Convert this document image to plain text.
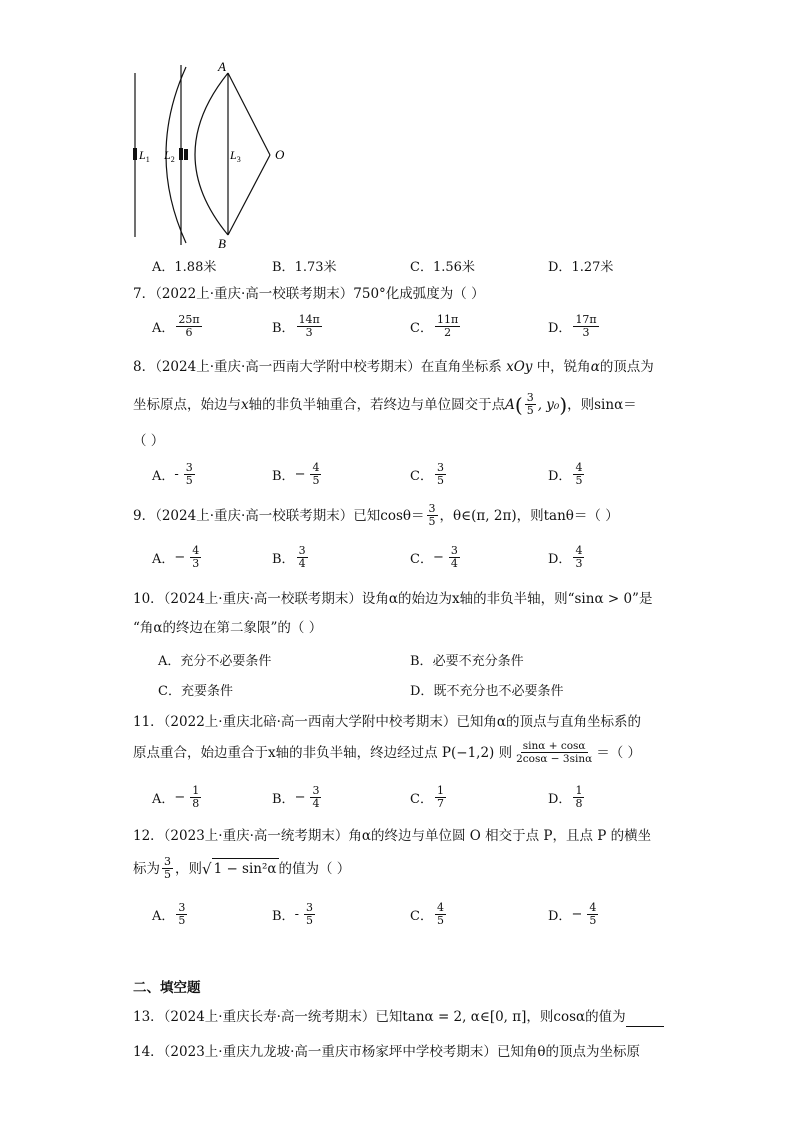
A
B
O
$L_1$ $L_2$	$L_3$
A． 1.88米	B． 1.73米	C． 1.56米	D． 1.27米
7．（2022上·重庆·高一校联考期末）750°化成弧度为（ ）
A． $\frac{25\pi}{6}$	B． $\frac{14\pi}{3}$	C． $\frac{11\pi}{2}$	D． $\frac{17\pi}{3}$
8．（2024上·重庆·高一西南大学附中校考期末）在直角坐标系 xOy 中，锐角α的顶点为
坐标原点，始边与 x 轴的非负半轴重合，若终边与单位圆交于点 A ( $\frac{3}{5}$ , y₀ ) ，则sinα＝
（ ）
A． - $\frac{3}{5}$	B． − $\frac{4}{5}$	C． $\frac{3}{5}$	D． $\frac{4}{5}$
9．（2024上·重庆·高一校联考期末）已知 $\cos\theta= \frac{3}{5}$ ，θ∈(π, 2π)，则tanθ＝（ ）
A． − $\frac{4}{3}$	B． $\frac{3}{4}$	C． − $\frac{3}{4}$	D． $\frac{4}{3}$
10．（2024上·重庆·高一校联考期末）设角α的始边为x轴的非负半轴，则“sinα > 0”是
“角α的终边在第二象限”的（ ）
A． 充分不必要条件	B． 必要不充分条件
C． 充要条件	D． 既不充分也不必要条件
11．（2022上·重庆北碚·高一西南大学附中校考期末）已知角α的顶点与直角坐标系的
原点重合，始边重合于x轴的非负半轴，终边经过点 P(−1,2) 则 $\frac{\sin\alpha + \cos\alpha}{2\cos\alpha - 3\sin\alpha}$ ＝（ ）
A． − $\frac{1}{8}$	B． − $\frac{3}{4}$	C． $\frac{1}{7}$	D． $\frac{1}{8}$
12．（2023上·重庆·高一统考期末）角α的终边与单位圆 O 相交于点 P，且点 P 的横坐
标为 $\frac{3}{5}$ ，则 √ 1 − sin²α 的值为（ ）
A． $\frac{3}{5}$	B． - $\frac{3}{5}$	C． $\frac{4}{5}$	D． − $\frac{4}{5}$
二、填空题
13．（2024上·重庆长寿·高一统考期末）已知tanα = 2, α∈[0, π]，则cosα的值为
14．（2023上·重庆九龙坡·高一重庆市杨家坪中学校考期末）已知角θ的顶点为坐标原
